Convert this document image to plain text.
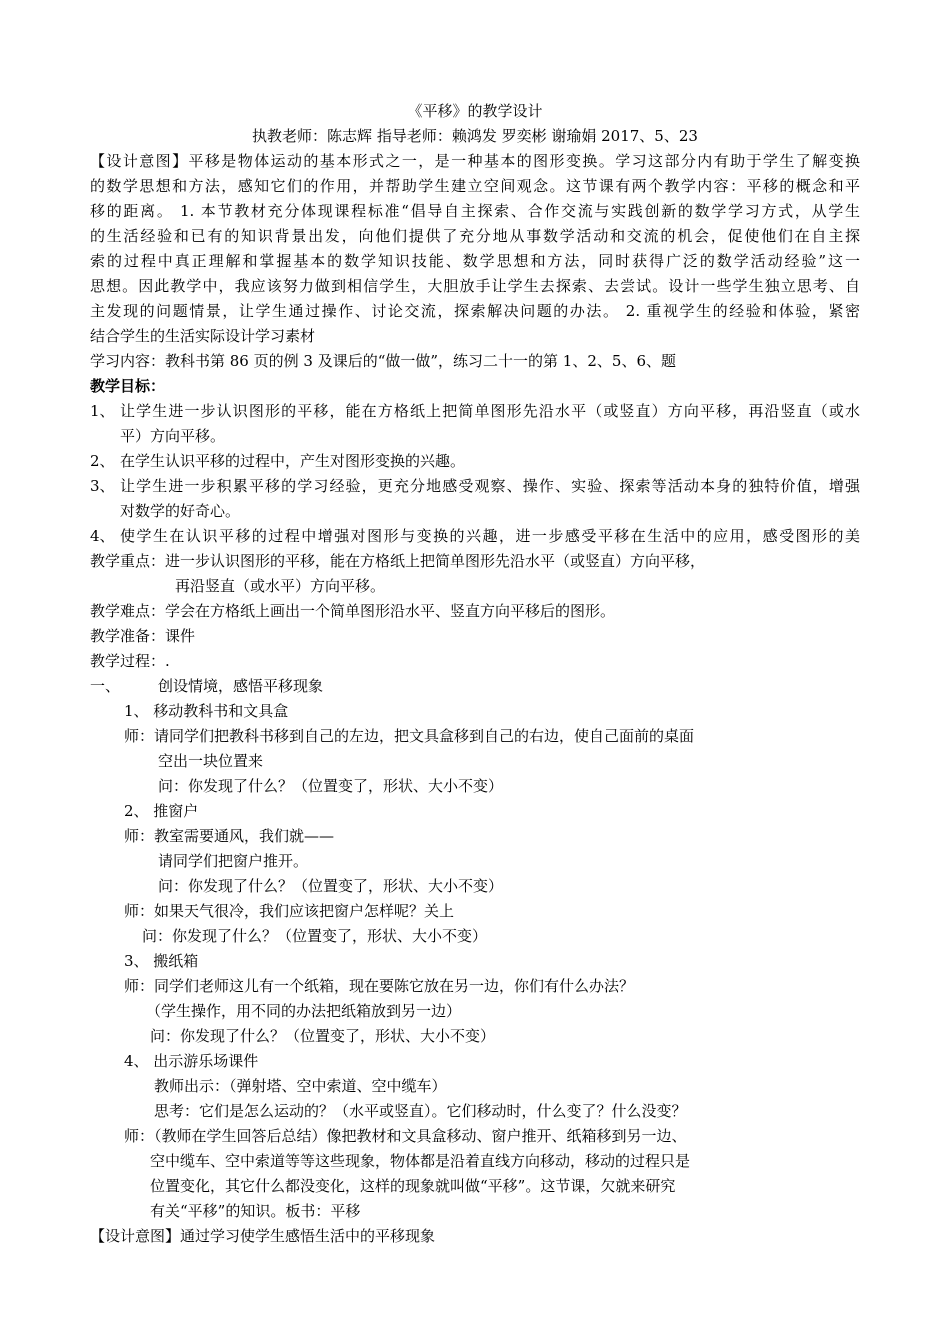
《平移》的教学设计
执教老师：陈志辉 指导老师：赖鸿发 罗奕彬 谢瑜娟 2017、5、23
【设计意图】平移是物体运动的基本形式之一，是一种基本的图形变换。学习这部分内有助于学生了解变换
的数学思想和方法，感知它们的作用，并帮助学生建立空间观念。这节课有两个教学内容：平移的概念和平
移的距离。 1. 本节教材充分体现课程标准“倡导自主探索、合作交流与实践创新的数学学习方式，从学生
的生活经验和已有的知识背景出发，向他们提供了充分地从事数学活动和交流的机会，促使他们在自主探
索的过程中真正理解和掌握基本的数学知识技能、数学思想和方法，同时获得广泛的数学活动经验”这一
思想。因此教学中，我应该努力做到相信学生，大胆放手让学生去探索、去尝试。设计一些学生独立思考、自
主发现的问题情景，让学生通过操作、讨论交流，探索解决问题的办法。 2. 重视学生的经验和体验，紧密
结合学生的生活实际设计学习素材
学习内容：教科书第 86 页的例 3 及课后的“做一做”，练习二十一的第 1、2、5、6、题
教学目标：
1、 让学生进一步认识图形的平移，能在方格纸上把简单图形先沿水平（或竖直）方向平移，再沿竖直（或水
平）方向平移。
2、 在学生认识平移的过程中，产生对图形变换的兴趣。
3、 让学生进一步积累平移的学习经验，更充分地感受观察、操作、实验、探索等活动本身的独特价值，增强
对数学的好奇心。
4、 使学生在认识平移的过程中增强对图形与变换的兴趣，进一步感受平移在生活中的应用，感受图形的美
教学重点：进一步认识图形的平移，能在方格纸上把简单图形先沿水平（或竖直）方向平移，
再沿竖直（或水平）方向平移。
教学难点：学会在方格纸上画出一个简单图形沿水平、竖直方向平移后的图形。
教学准备：课件
教学过程：.
一、	创设情境，感悟平移现象
1、 移动教科书和文具盒
师：请同学们把教科书移到自己的左边，把文具盒移到自己的右边，使自己面前的桌面
空出一块位置来
问：你发现了什么？（位置变了，形状、大小不变）
2、 推窗户
师：教室需要通风，我们就——
请同学们把窗户推开。
问：你发现了什么？（位置变了，形状、大小不变）
师：如果天气很冷，我们应该把窗户怎样呢？关上
问：你发现了什么？（位置变了，形状、大小不变）
3、 搬纸箱
师：同学们老师这儿有一个纸箱，现在要陈它放在另一边，你们有什么办法？
（学生操作，用不同的办法把纸箱放到另一边）
问：你发现了什么？（位置变了，形状、大小不变）
4、 出示游乐场课件
教师出示：（弹射塔、空中索道、空中缆车）
思考：它们是怎么运动的？（水平或竖直）。它们移动时，什么变了？什么没变？
师：（教师在学生回答后总结）像把教材和文具盒移动、窗户推开、纸箱移到另一边、
空中缆车、空中索道等等这些现象，物体都是沿着直线方向移动，移动的过程只是
位置变化，其它什么都没变化，这样的现象就叫做“平移”。这节课，欠就来研究
有关“平移”的知识。板书：平移
【设计意图】通过学习使学生感悟生活中的平移现象
